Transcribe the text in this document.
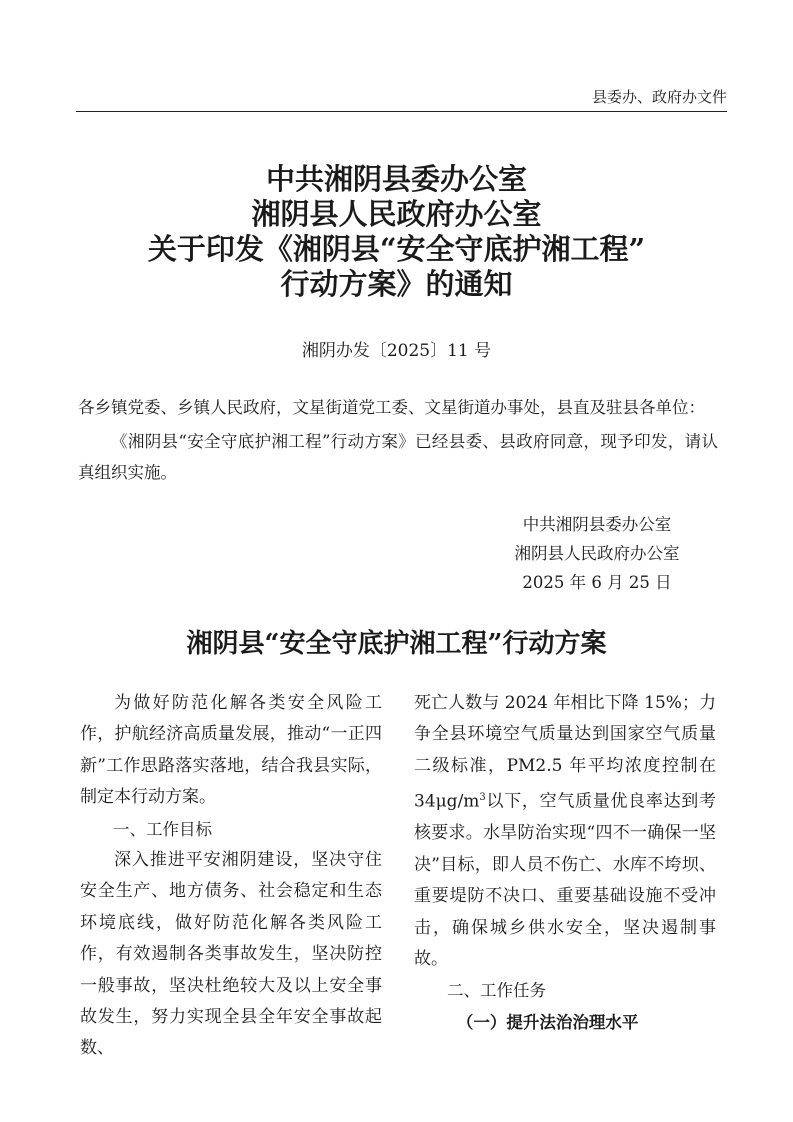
县委办、政府办文件
中共湘阴县委办公室
湘阴县人民政府办公室
关于印发《湘阴县“安全守底护湘工程”
行动方案》的通知
湘阴办发〔2025〕11 号
各乡镇党委、乡镇人民政府，文星街道党工委、文星街道办事处，县直及驻县各单位：
《湘阴县“安全守底护湘工程”行动方案》已经县委、县政府同意，现予印发，请认真组织实施。
中共湘阴县委办公室
湘阴县人民政府办公室
2025 年 6 月 25 日
湘阴县“安全守底护湘工程”行动方案

为做好防范化解各类安全风险工作，护航经济高质量发展，推动“一正四新”工作思路落实落地，结合我县实际，制定本行动方案。

一、工作目标

深入推进平安湘阴建设，坚决守住安全生产、地方债务、社会稳定和生态环境底线，做好防范化解各类风险工作，有效遏制各类事故发生，坚决防控一般事故，坚决杜绝较大及以上安全事故发生，努力实现全县全年安全事故起数、

死亡人数与 2024 年相比下降 15%；力争全县环境空气质量达到国家空气质量二级标准，PM2.5 年平均浓度控制在 $34\mu g/m^3$以下，空气质量优良率达到考核要求。水旱防治实现“四不一确保一坚决”目标，即人员不伤亡、水库不垮坝、重要堤防不决口、重要基础设施不受冲击，确保城乡供水安全，坚决遏制事故。

二、工作任务

（一）提升法治治理水平
